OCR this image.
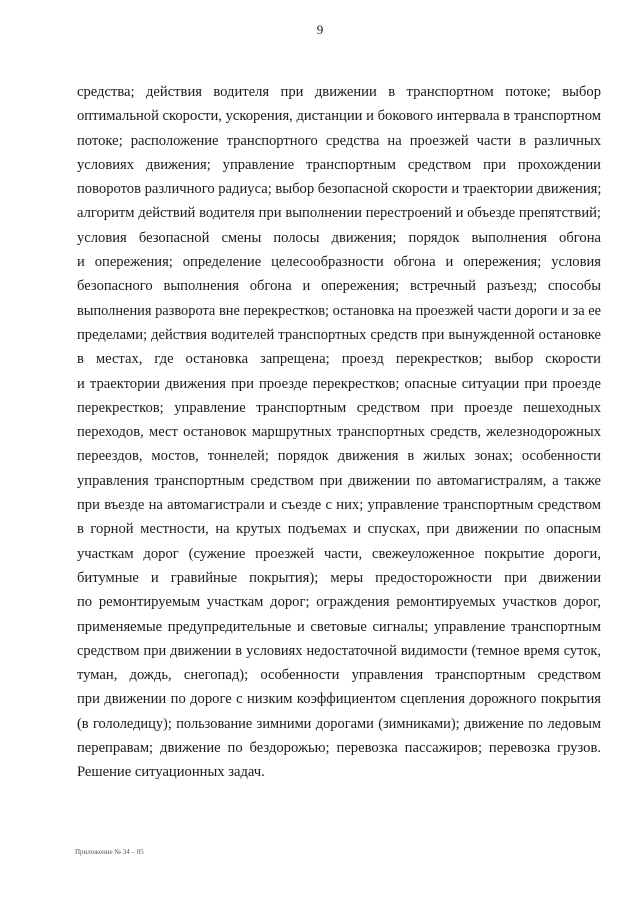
9
средства; действия водителя при движении в транспортном потоке; выбор
оптимальной скорости, ускорения, дистанции и бокового интервала в транспортном
потоке; расположение транспортного средства на проезжей части в различных
условиях движения; управление транспортным средством при прохождении
поворотов различного радиуса; выбор безопасной скорости и траектории движения;
алгоритм действий водителя при выполнении перестроений и объезде препятствий;
условия безопасной смены полосы движения; порядок выполнения обгона
и опережения; определение целесообразности обгона и опережения; условия
безопасного выполнения обгона и опережения; встречный разъезд; способы
выполнения разворота вне перекрестков; остановка на проезжей части дороги и за ее
пределами; действия водителей транспортных средств при вынужденной остановке
в местах, где остановка запрещена; проезд перекрестков; выбор скорости
и траектории движения при проезде перекрестков; опасные ситуации при проезде
перекрестков; управление транспортным средством при проезде пешеходных
переходов, мест остановок маршрутных транспортных средств, железнодорожных
переездов, мостов, тоннелей; порядок движения в жилых зонах; особенности
управления транспортным средством при движении по автомагистралям, а также
при въезде на автомагистрали и съезде с них; управление транспортным средством
в горной местности, на крутых подъемах и спусках, при движении по опасным
участкам дорог (сужение проезжей части, свежеуложенное покрытие дороги,
битумные и гравийные покрытия); меры предосторожности при движении
по ремонтируемым участкам дорог; ограждения ремонтируемых участков дорог,
применяемые предупредительные и световые сигналы; управление транспортным
средством при движении в условиях недостаточной видимости (темное время суток,
туман, дождь, снегопад); особенности управления транспортным средством
при движении по дороге с низким коэффициентом сцепления дорожного покрытия
(в гололедицу); пользование зимними дорогами (зимниками); движение по ледовым
переправам; движение по бездорожью; перевозка пассажиров; перевозка грузов.
Решение ситуационных задач.
Приложение № 34 – 05
